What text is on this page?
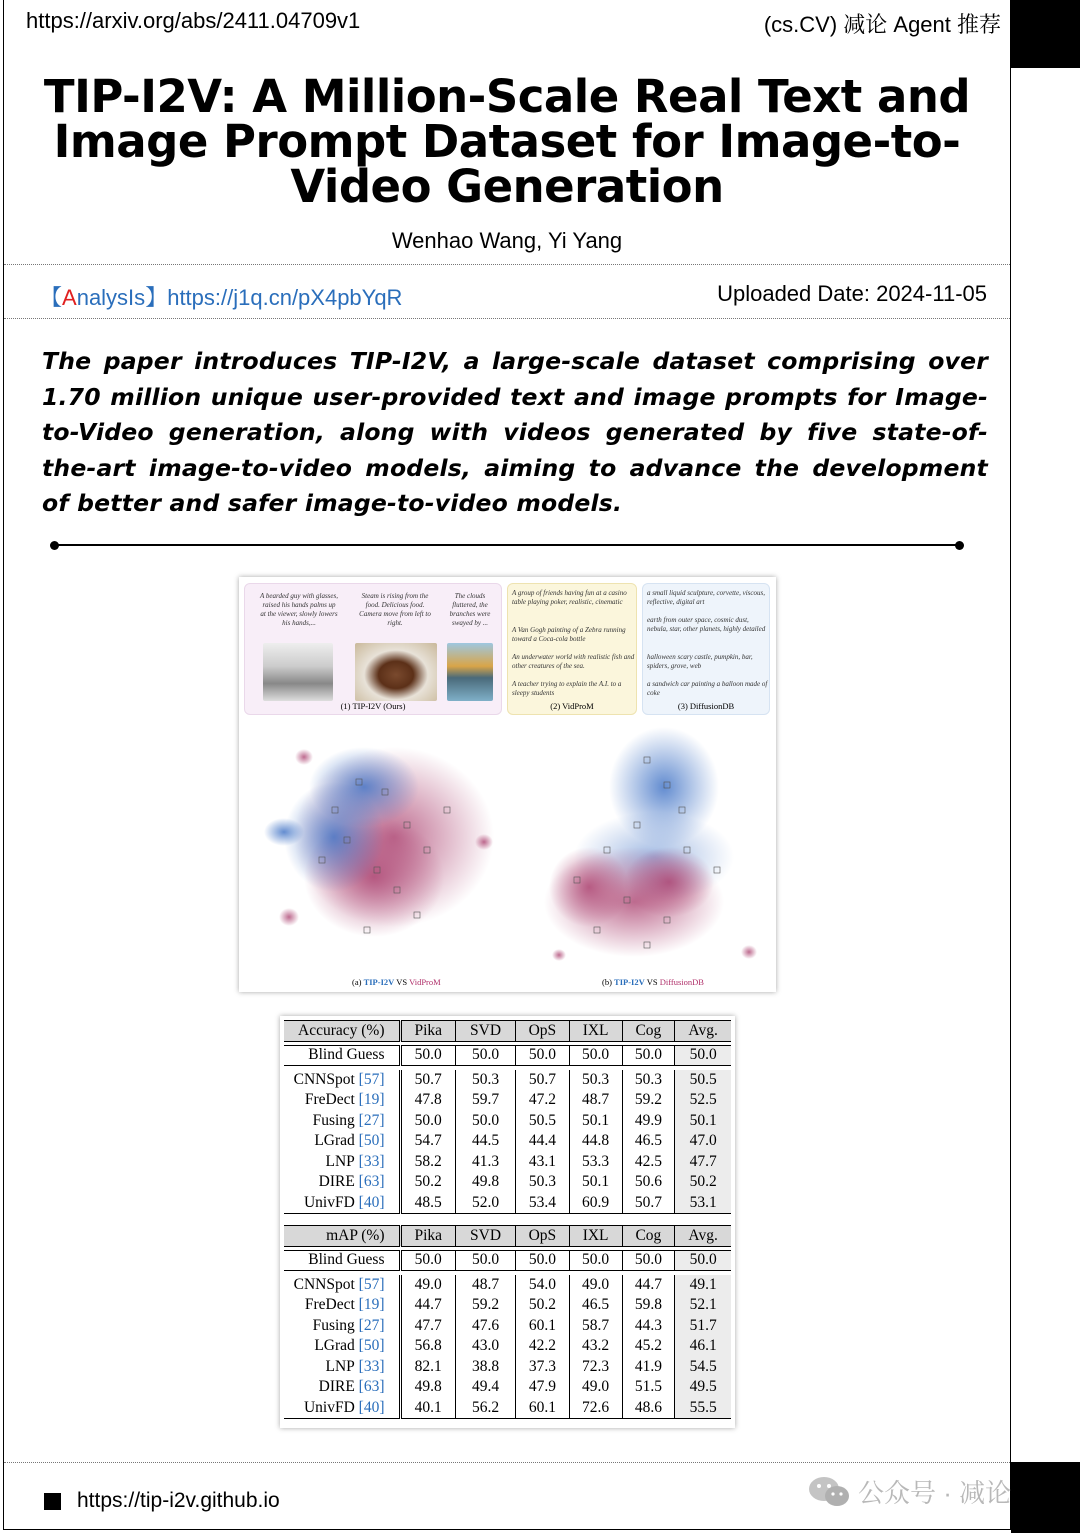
https://arxiv.org/abs/2411.04709v1	(cs.CV) 减论 Agent 推荐
TIP-I2V: A Million-Scale Real Text and Image Prompt Dataset for Image-to-Video Generation
Wenhao Wang, Yi Yang
【AnalysIs】https://j1q.cn/pX4pbYqR	Uploaded Date: 2024-11-05
The paper introduces TIP-I2V, a large-scale dataset comprising over 1.70 million unique user-provided text and image prompts for Image-to-Video generation, along with videos generated by five state-of-the-art image-to-video models, aiming to advance the development of better and safer image-to-video models.
A bearded guy with glasses, raised his hands palms up at the viewer, slowly lowers his hands,...
Steam is rising from the food. Delicious food. Camera move from left to right.
The clouds fluttered, the branches were swayed by ...
(1) TIP-I2V (Ours)
A group of friends having fun at a casino table playing poker, realistic, cinematic
A Van Gogh painting of a Zebra running toward a Coca-cola bottle
An underwater world with realistic fish and other creatures of the sea.
A teacher trying to explain the A.I. to a sleepy students
(2) VidProM
a small liquid sculpture, corvette, viscous, reflective, digital art
earth from outer space, cosmic dust, nebula, star, other planets, highly detailed
halloween scary castle, pumpkin, bar, spiders, grove, web
a sandwich car painting a balloon made of coke
(3) DiffusionDB
(a) TIP-I2V VS VidProM	(b) TIP-I2V VS DiffusionDB
Accuracy (%)	Pika	SVD	OpS	IXL	Cog	Avg.

Blind Guess	50.0	50.0	50.0	50.0	50.0	50.0

CNNSpot [57]	50.7	50.3	50.7	50.3	50.3	50.5
FreDect [19]	47.8	59.7	47.2	48.7	59.2	52.5
Fusing [27]	50.0	50.0	50.5	50.1	49.9	50.1
LGrad [50]	54.7	44.5	44.4	44.8	46.5	47.0
LNP [33]	58.2	41.3	43.1	53.3	42.5	47.7
DIRE [63]	50.2	49.8	50.3	50.1	50.6	50.2
UnivFD [40]	48.5	52.0	53.4	60.9	50.7	53.1
mAP (%)	Pika	SVD	OpS	IXL	Cog	Avg.

Blind Guess	50.0	50.0	50.0	50.0	50.0	50.0

CNNSpot [57]	49.0	48.7	54.0	49.0	44.7	49.1
FreDect [19]	44.7	59.2	50.2	46.5	59.8	52.1
Fusing [27]	47.7	47.6	60.1	58.7	44.3	51.7
LGrad [50]	56.8	43.0	42.2	43.2	45.2	46.1
LNP [33]	82.1	38.8	37.3	72.3	41.9	54.5
DIRE [63]	49.8	49.4	47.9	49.0	51.5	49.5
UnivFD [40]	40.1	56.2	60.1	72.6	48.6	55.5
https://tip-i2v.github.io	公众号 · 减论
